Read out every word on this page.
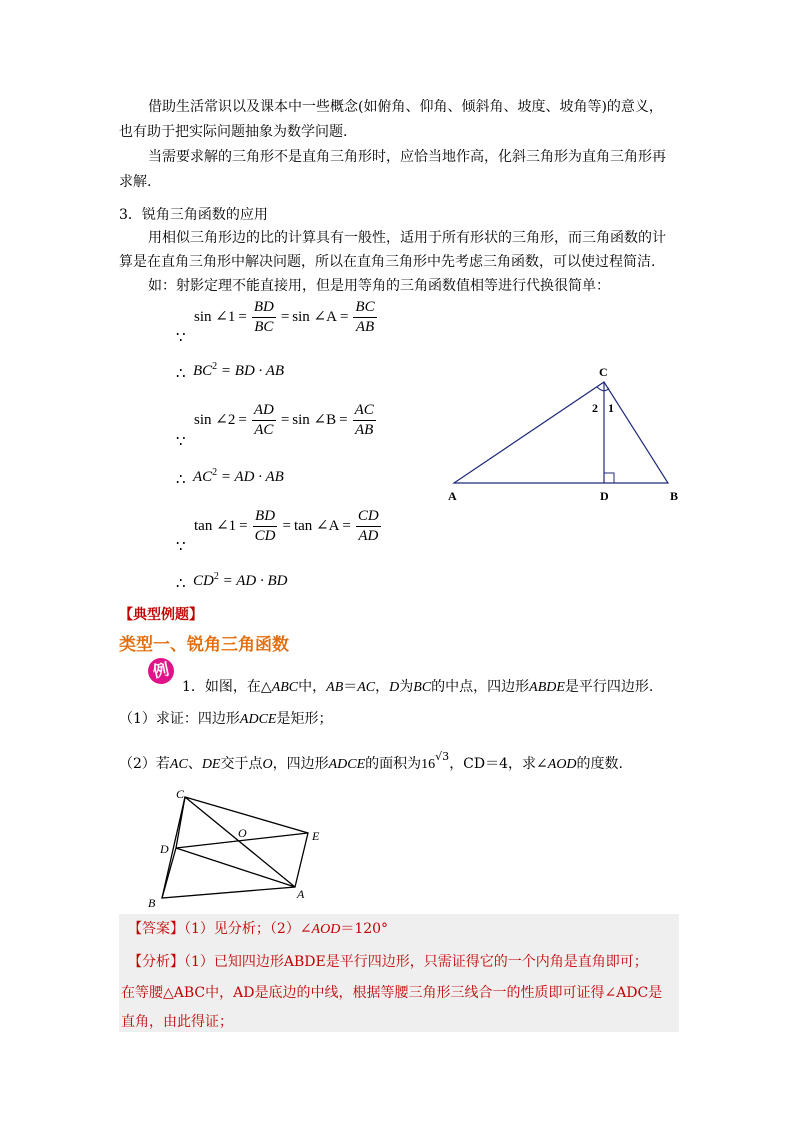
借助生活常识以及课本中一些概念(如俯角、仰角、倾斜角、坡度、坡角等)的意义，
也有助于把实际问题抽象为数学问题.
当需要求解的三角形不是直角三角形时，应恰当地作高，化斜三角形为直角三角形再
求解.
3．锐角三角函数的应用
用相似三角形边的比的计算具有一般性，适用于所有形状的三角形，而三角函数的计
算是在直角三角形中解决问题，所以在直角三角形中先考虑三角函数，可以使过程简洁.
如：射影定理不能直接用，但是用等角的三角函数值相等进行代换很简单：
∵
sin ∠1 = $\frac{BD}{BC} = \sin$ ∠A = $\frac{BC}{AB}$
∴ $BC^2$ = BD · AB
∵
sin ∠2 = $\frac{AD}{AC} = \sin$ ∠B = $\frac{AC}{AB}$
∴ $AC^2$ = AD · AB
∵
tan ∠1 = $\frac{BD}{CD} = \tan$ ∠A = $\frac{CD}{AD}$
∴ $CD^2$ = AD · BD
C
2 1
A	D	B
【典型例题】
类型一、锐角三角函数
例
1．如图，在△ABC中，AB＝AC，D为BC的中点，四边形ABDE是平行四边形.
（1）求证：四边形ADCE是矩形；
（2）若AC、DE交于点O，四边形ADCE的面积为$16^{√3}$，CD＝4，求∠AOD的度数.
C
O	E
D
B
A
【答案】（1）见分析；（2）∠AOD＝120°
【分析】（1）已知四边形ABDE是平行四边形，只需证得它的一个内角是直角即可；
在等腰△ABC中，AD是底边的中线，根据等腰三角形三线合一的性质即可证得∠ADC是
直角，由此得证；
